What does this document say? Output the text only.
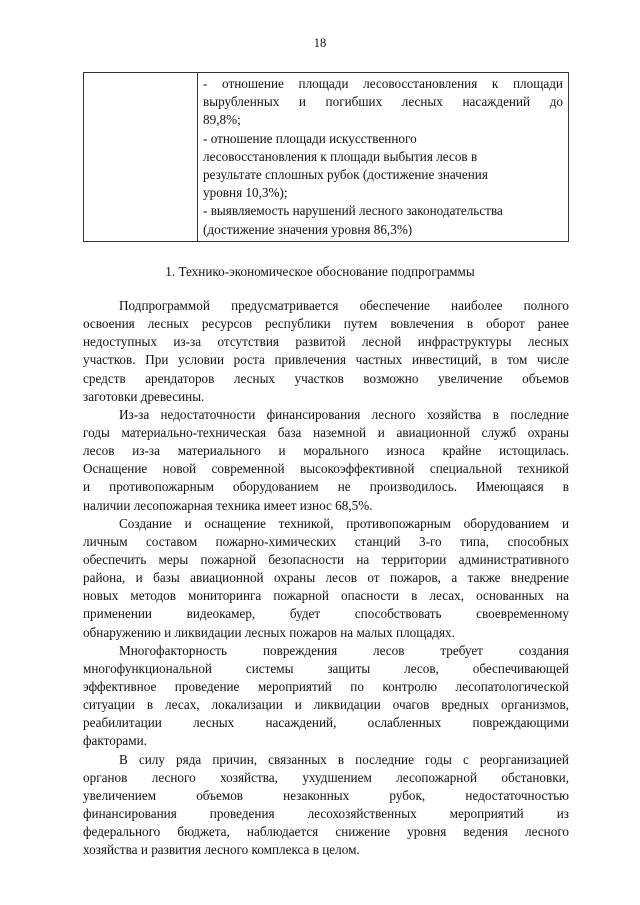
18

- отношение площади лесовосстановления к площади
вырубленных и погибших лесных насаждений до
89,8%;
- отношение площади искусственного
лесовосстановления к площади выбытия лесов в
результате сплошных рубок (достижение значения
уровня 10,3%);
- выявляемость нарушений лесного законодательства
(достижение значения уровня 86,3%)
1. Технико-экономическое обоснование подпрограммы
Подпрограммой предусматривается обеспечение наиболее полного
освоения лесных ресурсов республики путем вовлечения в оборот ранее
недоступных из-за отсутствия развитой лесной инфраструктуры лесных
участков. При условии роста привлечения частных инвестиций, в том числе
средств арендаторов лесных участков возможно увеличение объемов
заготовки древесины.
Из-за недостаточности финансирования лесного хозяйства в последние
годы материально-техническая база наземной и авиационной служб охраны
лесов из-за материального и морального износа крайне истощилась.
Оснащение новой современной высокоэффективной специальной техникой
и противопожарным оборудованием не производилось. Имеющаяся в
наличии лесопожарная техника имеет износ 68,5%.
Создание и оснащение техникой, противопожарным оборудованием и
личным составом пожарно-химических станций 3-го типа, способных
обеспечить меры пожарной безопасности на территории административного
района, и базы авиационной охраны лесов от пожаров, а также внедрение
новых методов мониторинга пожарной опасности в лесах, основанных на
применении видеокамер, будет способствовать своевременному
обнаружению и ликвидации лесных пожаров на малых площадях.
Многофакторность повреждения лесов требует создания
многофункциональной системы защиты лесов, обеспечивающей
эффективное проведение мероприятий по контролю лесопатологической
ситуации в лесах, локализации и ликвидации очагов вредных организмов,
реабилитации лесных насаждений, ослабленных повреждающими
факторами.
В силу ряда причин, связанных в последние годы с реорганизацией
органов лесного хозяйства, ухудшением лесопожарной обстановки,
увеличением объемов незаконных рубок, недостаточностью
финансирования проведения лесохозяйственных мероприятий из
федерального бюджета, наблюдается снижение уровня ведения лесного
хозяйства и развития лесного комплекса в целом.
